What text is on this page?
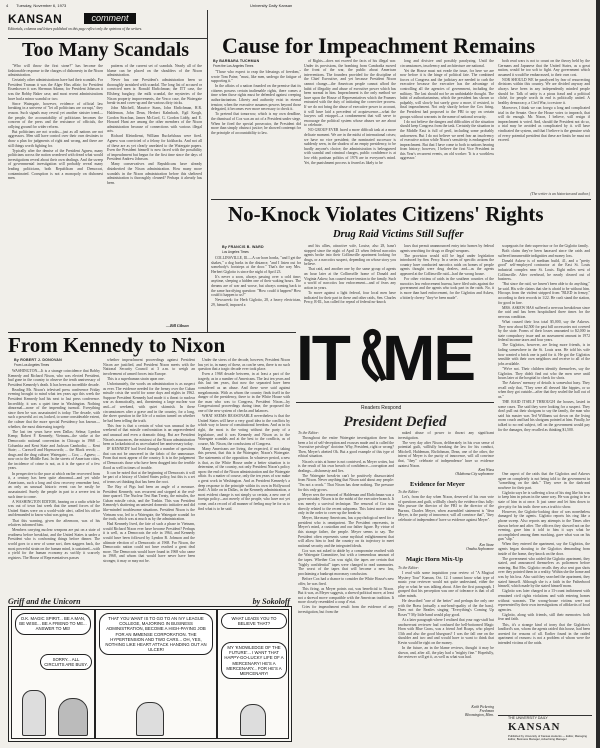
4 Tuesday, November 6, 1973	University Daily Kansan
KANSAN	comment
Editorials, columns and letters published on this page reflect only the opinions of the writers.
Too Many Scandals

"Who will throw the first stone?" has become the fashionable response to the charges of dishonesty in the Nixon administration.

Certainly other administrations have had their scandals. For President Truman it was the Alger Hiss affair; for President Eisenhower it was Sherman Adams; for President Johnson it was the Bobby Baker case, and most recent administrations have had a minor scandal or two.

Since Watergate, however, evidence of official law breaking in a universe of "let all politicians are corrupt," they reason. Such signals may reveal yet another sinister trend—the people, the accountability of politicians becomes the concern of the press and the resistance of officials, the rallying ground for wider reform.

But politicians are not crooks—just as all nations are not aggressors. Men still have control over their own destinies to draw a plan for judgments of right and wrong, and there are still things worth fighting for.

Typically after the demise of the President Agnew, many politicians across the nation wondered with dread what would investigations reveal about their own dealings. And the sweep of governmental investigation will probably reveal many leading politicians, both Republican and Democrat, contaminated. Corruption is not a monopoly on dishonest men.

patterns of the current set of scandals. Nearly all of the blame can be placed on the shoulders of the Nixon administration.

Never has one President's administration been so thoroughly tarnished with scandal. The long list of accused or convicted men is: Ronald Ehrlichman; the ITT case, the Ellsberg burglary, the milk scandal, the mysteries of the Nixon property improvements, the Vesco case, the Watergate break-in and cover-up and the various dirty tricks.

John Mitchell, Maurice Stans, John Ehrlichman, H.R. Haldeman, John Dean, Herbert Kalmbach, Egil Krogh, Gordon Strachan, James McCord, G. Gordon Liddy, and E. Howard Hunt are among the other members of the Nixon administration because of connections with various illegal acts.

Richard Kleindienst, William Ruckelshaus were fired. Agnew was convicted of a felony for kickbacks. And not all of these are as yet clearly unrelated to the Watergate papers. Even the President himself is now faced with the possibility of impeachment but begun for the first time since the days of President Andrew Johnson.

Many conservatives and Republicans have already disinherited the Nixon administration. How many more scandals in the Nixon administration before this sheltered administration is thoroughly cleaned? Perhaps it already has been.

—Bill Gibson
Cause for Impeachment Remains
By BARBARA TUCHMAN
From the Los Angeles Times

"Those who expect to reap the blessings of freedom," wrote Tom Paine, "must, like men, undergo the fatigue of supporting it."

In the affairs of a nation founded on the premise that its citizens possess certain inalienable rights, there comes a time when those rights must be defended against creeping authoritarianism. Liberty and authority exist in eternal tension; when the executive assumes powers beyond those delegated, it becomes ever more necessary to check it.

To pretend that tomorrow, which is my own deadline, the dismissal of Cox was an act of a President under siege. When he fired the special prosecutor, the President did more than simply obstruct justice; he showed contempt for the principle of accountability to law.

of Rights—does not exceed the facts of his illegal war. Under its provisions, the bombing from Cambodia moved the front of the war, the public about American interventions. The founders provided for the discipline of the Chief Executive, and yet because President Nixon cannot change—the American people cannot afford the habit of illegality and abuse of executive power which has been normal in him. Impeachment is the only method we have upon the House of Representatives which the Framers entrusted with the duty of initiating the corrective process. If we do not bring the abuse of executive power to account, it will have laid a precedent of acquiescence—what the lawyers call estoppel—a condonement that will serve to encourage the political system whose abuses we are about to celebrate.

NO GROUP EVER faced a more difficult task at a more delicate moment. We are in the midst of international crises; we have no vice president; the nominated successor is suddenly seen, in the shadow of an empty presidency, to be hardly anyone's choice; the administration is beleaguered with scandal and criminal charges, public confidence is at low ebb; partisan politics of 1976 are in everyone's mind. Yet, the punishment process is feared as likely to be

long and divisive and possibly paralyzing. Until the circumstances, insolvency and architecture are national.

Yet the House must not evade the issue, for here we are now before it is the hinge of political fate. The combined forces of Congress and the judiciary are needed to curb the executive because the executive has the advantage of controlling all the agencies of government, including the military. The last should not be an unthinkable thought. The habit of authoritarianism, which the president has shown so palpably, will slowly but surely grow a more, if resisted, to final impeachment. Not only shortly before the Cox firing, the President had proposed to the FBI to spy on certain groups without warrants in the name of national security.

I do not believe the dangers and difficulties of the situation should keep Congress from the task. Certainly the situation in the Middle East is full of peril, including some probably unforeseen. But I do not believe we need fear an insolvency of executive action while Nixon's sensitivity is endangered in impeachment. But that I have come to both to nations hearing from history; however, I believe the first Vice President in this Year's recurrent events, an old worker: 'It is a worthless aggressor.'

both read wars is not to count on the theory held by the Germans and Japanese that the United States, as a great nation, would be too soft to fight. Any government which assumed it would be embarrassed, to their own cost.

NOR SHOULD WE be paralyzed by fear of resurrecting divisions within this country. We are divided anyway and always have been in any independently minded people should be. Talk of unity is a pious fraud and a political cliché, for people worth its end is politically united. A healthy democracy, a Civil War, to restore it.

Moreover, I think we can forego a long and complicated trial in the Senate. Once the House votes to impeach, that will do enough. Mr. Nixon, I believe, will resign if impeachment is voted. And, should the President not do so, a trial may be avoided as complicated by it. will have vindicated the system, and that I believe is the genuine wish of every potential president that these are limits he must not exceed.

(The writer is an historian and author.)
No-Knock Violates Citizens' Rights
Drug Raid Victims Still Suffer
By FRANCIS B. WARD
Los Angeles Times

COLLINSVILLE, Ill.—A car horn honks, "and I get the shakes," a dog barks in the distance, "and I listen out for somebody's footsteps at the door." That's the way Mrs. Herbert Giglotto is since the night of April 23.

It's never a soon, always passing over a cold time; anytime, sleeping a hidden one of their waking hours. The dreams are of war and worse, but always coming back to the same horrifying question: "How could it happen? How could it happen to us?"

Newsweek: for Herb Giglotto, 28, a heavy electrician, 29, himself, imposed a

and his allies, attractive wife, Louise, also 28, hasn't stopped since the night of April 23 when federal narcotics agents broke into their Collinsville apartment looking for drugs, or a narcotics suspect, depending on whose story you believe.

That raid, and another one by the same group of agents an hour later at the Collinsville home of Donald and Virginia Askew, has caused more tension to the family. Such a world of narcotics law enforcement—and of fears any action in years.

To move against a light federal, four local men have indicated for their part in these and other raids, Sen. Charles Percy, R-Ill., has called for repeal of federal no-knock

laws that permit unannounced entry into homes by federal agents searching for drugs or illegal weapons.

The provision would still be legal under legislation introduced by Sen. Percy. In a series of specific actions the country have conducted narcotics raids on homes of people agents thought were drug dealers, and—as the agents appeared at the Collinsville raid—had the wrong house.

For other victims of raids in the southern counties of the narcotics law enforcement bureau, have filed suits against the government and the agents who took part in the raids. No, it is more than hard enforcement, for the Giglottos and Askew, a bitterly cheery "they've been made".

scapegoats for their supervisor or for the Giglotto family.

Both claim they've been harassed since the raids and suffered innumerable indignities and money loss.

Donald Askew is of medium build, 41, and a "pretty good" self-employed contractor at the East St. Louis industrial complex near St. Louis. Eight miles west of Collinsville. After overhead, he nearly cleared out of business.

"But since the raid, we haven't been able to do anything," he said. His wife claims that she is afraid to be without him. Hiccups from the violent stripped from "BLED in frenzy," according to their records in 1/22. He can't stand the station, for good in fare.

MRS. ASKEW HAS suffered a nervous breakdown since the raid and has been hospitalized three times for the nervous condition.

What caused their loss total $5,000, say the Askews. They now about $2,500 for past bill accessories not covered by the state. Forms of their losses amounted to $2,000 in state compulsory issue and an assessment amount in 1972 federal income taxes and four years.

The Giglottos, however, are living more friends, is in fading somewhere in the St. Louis area. He told his wife how wanted a brick one is paid for it. He got the Giglottos sensible with their own neighbors and receive to all of the jobs available.

"We're not. Their children identify themselves, say the Giglottos. They didn't find out who the men were until hours later at the hospital to check for shots.

The Askews' memory of details is somewhat hazy. They recall only that, "They were all dressed like hippies, or so when they got outside—after that they sealed the hall out of us."

THE RAID ITSELF THROUGH the houses, lasted in some cases. The said they were looking for a suspect. They don't pull out their shotguns to say the family, the man who said his master was Ted Williams sat down on the living room couch and had his shotguns pointed at him. Finally, he talked to no real subject, tell on the government would pay for the damages, they recalled as thinking $1,500.

One aspect of the raids that the Giglottos and Askews agree on completely is not being told to the government in "something on the dark." They were in the dark-and nowhere for their part.

Giglotto says he is suffering a loss of his ring like his was to keep him in prison in the same way. He was going to be a state of him in at once. It just came and let him down to give pity for his truth: there was a truth to show.

However, the Giglotto-looking door of was nonetheless damaged by the agents. Giglotto reports his ring like a phone sweep. Also reports any attempts to the Times after shown before and after. The officers they showed not on the evening, gave him it told to him it says what he accomplished among them mocking, gave what was on his gun "slip."

When they entered the apartment, say the Giglottos, the agents began shouting to the Giglottos demanding from inside of the home, they knock on the door.

The government who raided the Giglotto apartment, they stated, and announced themselves as policemen before entering. But Mrs. Giglotto recalls they also sent gun shots over they pointed them in a reality. Within she the home and was by his loss. Also said they searched the apartment, they stated himself. Although she is a faith in the Fatherhood himself, which made by the stated himself mom.

Giglotto was later charged in a 13-count indictment with remained civil rights violations and with entering homes without warrants. The wrong-house victims were not represented by their own investigations of affidavits of local agencies.

Giglotto, along with friends, still their memories: both fear and faith.

This, it's a strange kind of irony that the Giglottos's landlord's son, whom the agents raided this house, had been arrested for reasons of all. Earlier found in the raided apartment of reasons: is not a problem of whom were the intended victims of the raids.

From Kennedy to Nixon
By ROBERT J. DONOVAN
From Los Angeles Times

WASHINGTON—It is a strange coincidence that Bobby Kennedy and Richard Nixon, who was elected President, had gone in the country to observe the tenth anniversary of President Kennedy's death. It has been an incredible decade.

Reading Mr. Nixon's televised press conference Friday evening brought to mind what ten years ago this week the President Kennedy had his next to last press conference. Incredibly, it was a quiet time in Washington. Nothing abnormal—none of the impending turmoil. Everything since then he was assassinated is today. The decade, with such a powerful act on, looked, to some considerable extent, the calmer that the more special Presidency has known—whether, the most distressing tragedy.

The last ten years have seen Dallas; Selma; Lyndon Kemp; Robert F. Kennedy; Vietnam—the strike at the Democratic national convention in Chicago in 1968 ... Columbia and Kent State and Jackson Cambodia; ... Kent State; ... Carswell and Haynsworth; ... the Black revolt; ... drugs and the drug culture; Watergate; ... Cox; ... Agnew; ... now on to the Middle East. In the streets of American cities, the incidence of crime is not, as it is the space of a few years.

In perspective to the pace at which earlier recovered from it, a century has been quite abnormal—and yet while Americans, such a long and slow recovery remember best, an only an unusual historic event can be easily be assassinated. Surely the people in part to a severe test in such time to come.

A WASHINGTON EDITOR, hearing on a radio while he was out of town last week that the armed forces of the United States were on a world-wide alert, called his office and demanded to know what was going on.

That this warning, given the afternoon, was of his relatives informed him.

Members carrying nuclear weapons are put on a state of readiness before breakfast, and the United States is under a President who is confronting things before dinner. The world goes to a new of some sort, then staggers back, the most powerful strain on the human mind, is sustained—with a yield for the human economy as swiftly it scarcely registers. The House of Representatives passes

whether impeachment proceedings against President Nixon are justified, and President Nixon meets with the National Security Council at 3 a.m. to weigh an involvement of armed forces into Europe.

This is a superhuman strain upon one.

Unfortunately, the words an administration is as suspect as ever. The evidence needed for the frenzy over the Cuban missile crisis the world for some days and nights in 1962. Suppose President Kennedy had made it a threat to nuclear war as dramatically, and, threatening a large nuclear war and—of weekend, with quiet skirmish. In these circumstances after a grave and in the country, for a long, the sheer question in the life of a nation turned on whether he had been telling the truth.

This fear is that a certain of what was unusual in the weekend of that missile confrontation is an unprecedented and unusual and even a dramatic thing. But are President Nixon's assurances, the mistrust of the Nixon administration been as lackadaisical as an evaluated her anniversary today.

IF KENNEDY had lived through a number of questions that can not be answered in the fabric of the unmeasure. From that most appear of the country. It is in the judgement of Democrats those who have been dragged into the terrible flood as well in times of trouble.

It can be noted that at the beginning of Democrats it will be part of a history of United States policy, but this is a set of terms set thinking that has been the root.

The Bay of Pigs had been an angle of a measure. President Kennedy, was recurrent and stopped at the real-time quarrel. The Nuclear Test Ban Treaty, the missiles, the Cuban missile crisis, and the Tonkin. This was President Kennedy's shattering an untested domestic initiative and did like-minded troublesome situations. President Nixon is the Vietnam war, led to a Watergate, the Watergate scandal for the truth, which was at much as by the administration.

Had Kennedy lived, the fate of such a phase in Vietnam, would Richard Nixon ever have become President? Perhaps it is well, as a Democrats the role in 1964, and Kennedy would have been followed by Lyndon B. Johnson and the ultimate election of a Democratic at 1968. For Nixon, the Democratic nation could not have reached a great deal more. The Democrats would have found in 1968 who came in 1968, and whom that would have never have been stronger, it may or may not be.

Under the stress of the decade, however, President Nixon has yet to, in many of these, as can be seen, there is no such question that a tragic decade ever took place.

Even a 1968 decade between, in at least a part of the tragedy, as in a number of Americans. The last ten years and this last ten years, that now the separated have been considered as an abuse. And these were said against megalomania. With as whom the country finds itself in the danger of the presidency, there to in the White House with the man who was to Congress, President Nixon—by Congressional proceedings during time, the proposed the one of the new system of checks and balances.

WHAT SEEMS REASONABLE nevertheless is that the United States will have a very good idea to the conflicts by which way to know of constitutional freedom. And as in its right, the most is the voting without the party of a legislature, and it was Kennedy and Nixon as to the Watergate scandals and at the best to the conflicts, as of course, Mr. Nixon, the conclusions of Congress.

Many Americans are living, the expected, if not taking this present, that this is the Watergate; Nixon's Watergate. The statements of the opposition. In whatever period, a new is that, as the White House under a better situation is to determine, of the country, not only President Nixon's policy upon: the end of the Nixon administration and the Watergate affair. As a matter of course, only the ten years of war make a great work in Washington. And as President Kennedy's a deep response to the principle within its own in Hollywood itself. A little on in Dallas, in the Kennedy administration, a most evident change is not simply so certain, a new one of foreign policy—not merely of the people, who have not yet come, and a record of all manner of feeling may be for us to find what is to be said.

IT ME
Readers Respond
President Defied

To the Editor:

Throughout the entire Watergate investigation there has been a lot of self-deception and excuses made and is called the "executive privilege" doctrine. Why, President, right or wrong? Then, Meyer's abetted Ok. But a good example of this type of ethical situation.

Nixon's crisis at home is not contrived, as Meyer writes, but is the result of his own breach of confidence—corruption and dealings—dishonesty and lies.

The Watergate break-in can't be positively disassociated from Nixon. Never anything that Nixon said about any people: "I'm not a crook." That Nixon has done nothing. The pressure for this only grows.

Meyer sees the removal of Haldeman and Ehrlichman was a grave mistake; Nixon is in the midst of the executive branch. It was merely a survival technique. The removal of Cox was directly related to the recent subpoena. This latest move taken only in the order to cover up the break-in.

Meyer, like many Americans, has a psychological need for a president who is omnipotent. The President represents, in Meyer's mind, a custodian and our father figure. By virtue of this strange father, the people. Meyer seems to say. The President often represents some mythical enlightenment that will allow him to lead the country on its trajectory to meet national security and the integrated ideals.

Cox was not asked to abide by a compromise reached with the Watergate Committee, but with a tremendous amount of the tapes. Whether Cox was right, the tapes are certain that "highly confidential" tapes were changed to read summaries. The worst of the tapes that will become a new law, proclaiming a bankrupt moronary conclusion.

Before Cox had a chance to consider the White House's new offer, he was fired.

This firing, as Meyer points out, was beneficial to Nixon. But it was, as Meyer suggests, a shrewd political move, at least not a shrewd move compatible with the American tradition. It more closely resembled a coup d' etat.

Cries for impeachment result from the evidence of any investigation, but from the

naked abuse of power to thwart any significant investigation.

The very day after Nixon, deliberately in his own sense of potential guilt, willfully breaking the law for his conduct, Mitchell, Haldeman, Ehrlichman, Dean, one of the other, the intent of Meyer is the purity of innocence, will all convince that, "they" celebrate of independence' have so evidence against Nixon.

Kent Wisss
Oklahoma City sophomore
Evidence for Meyer

To the Editor:

Let's, from the day when Nixon, deserved of his own vote of questions and guilt, willfully clearly the evidence thus fully: Win pursue the director of the FBI to the director of the Bureau, Charles Meyer, when assembled statement is "dear Meyer, is the purity of innocence, will all convince that", "they celebrate of independence' have so evidence against Meyer".

Ken Stone
Omaha Sophomore
Magic Horn Mix-Up

To the Editor:

I read with some inquisition your review of "A Magical Mystery Tour" Kansan, Oct. 12. I cannot know what type of music your reviewer would not quite understand, either the play or what he was talking about. After the first paragraph, I grasped that his perception was one of tolerance is that of all other minds.

He described "one of the better" and perhaps the only one with the Brass (actually a nut-head-quality of the the bass). Does not the Beatles singing "Everything's Coming Up Roses"? My little band would play good.

At a later paragraph where I realized that your rags-stuff but unobservant reviewer had confused the bell-bottomed Magic Horn with Blue Grass, was a friend Joel Roaps, who played 13th and also the good bluegrass? I was the fall one on the shoulder and two and and would have to want to think that Kevin would be right on the money.

In the future, an in the blame reviews, thought it may be shown, and, after all, the play had a "mighty fine." Hopefully, the reviewer will get it, as well as what was had.

Keith Pickering
Freshman
Bloomington, Minn.
Griff and the Unicorn	by Sokoloff
O.K. MAGIC SPIRIT... BE A MAN, BE WISE... BE A FRIEND TO ME... ANSWER TO ME!
SORRY... ALL CIRCUITS ARE BUSY.
THAT YOU WANT IS TO GO TO AN IVY LEAGUE COLLEGE, MAJORING IN BUSINESS ADMINISTRATION, BECOME A HIGH-PAYING JOB FOR AN IMMENSE CORPORATION. THE HYPERTENSION AND TWO CARS... OH, YES, NOTHING LIKE HEART ATTACK HANDING OUT AN ULCER!
WHAT LEADS YOU TO BELIEVE THAT?
MY 'KNOWLEDGE OF THE FUTURE'... I WANT THAT HAPPY-GO-LUCKY LIFE OF A MERCENARY! HE'S A MERCENARY... FOR HE'S A MERCENARY!
THE UNIVERSITY DAILY
KANSAN
Published by University of Kansas students — Editor, Managing Editor, Business Manager, Advertising Manager
